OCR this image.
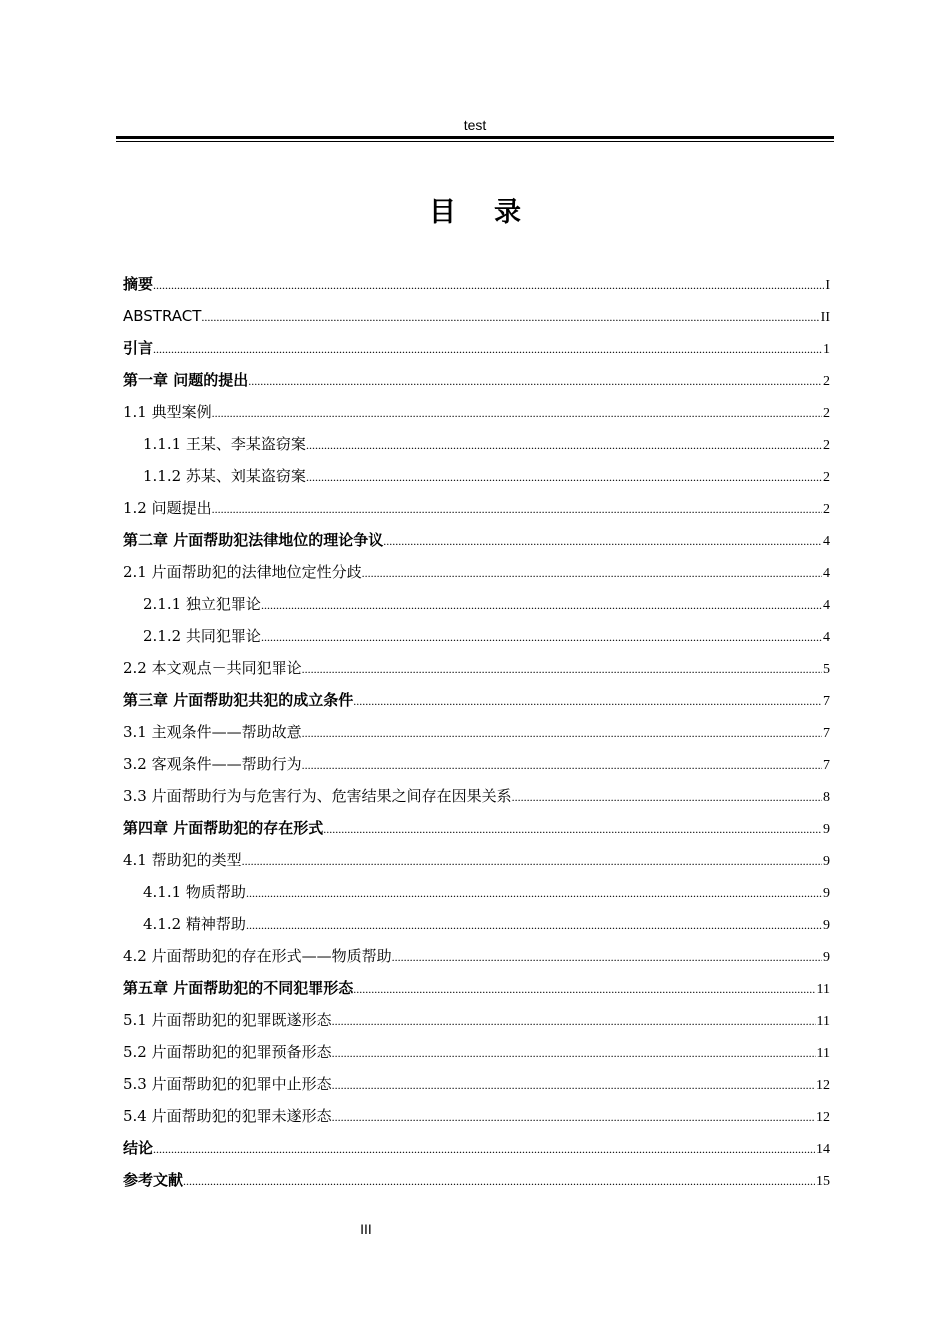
test
目录
摘要 .....	I
ABSTRACT .....	II
引言 .....	1
第一章 问题的提出 .....	2
1.1 典型案例 .....	2
1.1.1 王某、李某盗窃案 .....	2
1.1.2 苏某、刘某盗窃案 .....	2
1.2 问题提出 .....	2
第二章 片面帮助犯法律地位的理论争议 .....	4
2.1 片面帮助犯的法律地位定性分歧 .....	4
2.1.1 独立犯罪论 .....	4
2.1.2 共同犯罪论 .....	4
2.2 本文观点－共同犯罪论 .....	5
第三章 片面帮助犯共犯的成立条件 .....	7
3.1 主观条件——帮助故意 .....	7
3.2 客观条件——帮助行为 .....	7
3.3 片面帮助行为与危害行为、危害结果之间存在因果关系 .....	8
第四章 片面帮助犯的存在形式 .....	9
4.1 帮助犯的类型 .....	9
4.1.1 物质帮助 .....	9
4.1.2 精神帮助 .....	9
4.2 片面帮助犯的存在形式——物质帮助 .....	9
第五章 片面帮助犯的不同犯罪形态 .....	11
5.1 片面帮助犯的犯罪既遂形态 .....	11
5.2 片面帮助犯的犯罪预备形态 .....	11
5.3 片面帮助犯的犯罪中止形态 .....	12
5.4 片面帮助犯的犯罪未遂形态 .....	12
结论 .....	14
参考文献 .....	15
III
